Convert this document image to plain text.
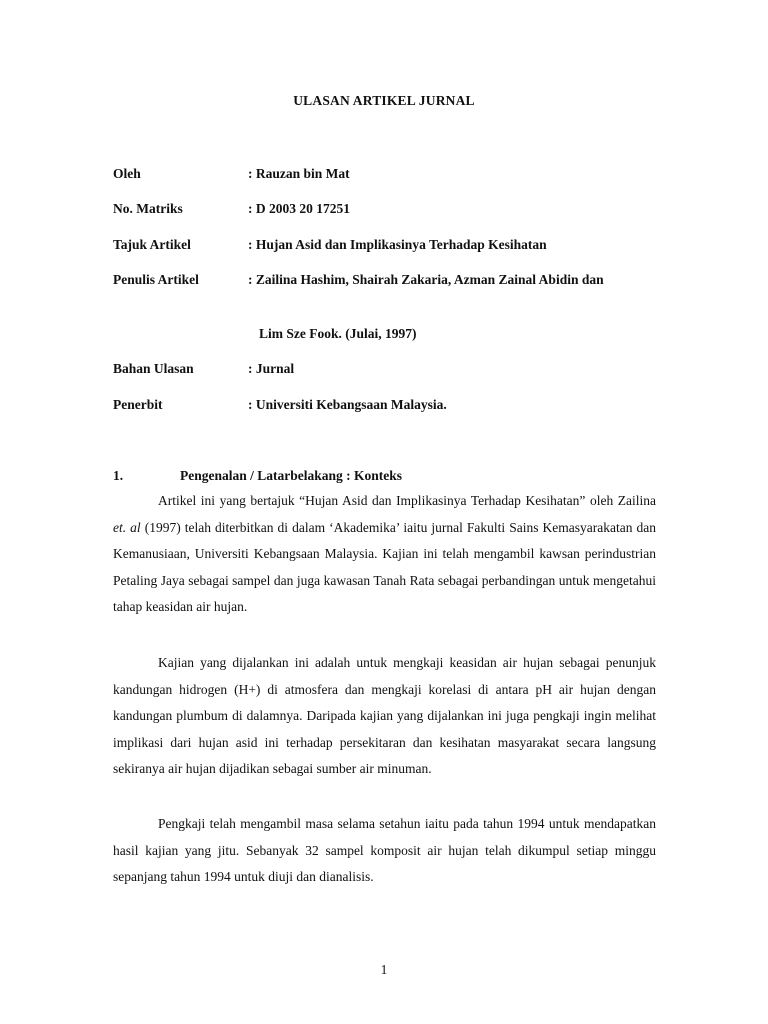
ULASAN ARTIKEL JURNAL
Oleh	: Rauzan bin Mat
No. Matriks	: D 2003 20 17251
Tajuk Artikel	: Hujan Asid dan Implikasinya Terhadap Kesihatan
Penulis Artikel	: Zailina Hashim, Shairah Zakaria, Azman Zainal Abidin dan
Lim Sze Fook. (Julai, 1997)
Bahan Ulasan	: Jurnal
Penerbit	: Universiti Kebangsaan Malaysia.
1.	Pengenalan / Latarbelakang : Konteks

Artikel ini yang bertajuk “Hujan Asid dan Implikasinya Terhadap Kesihatan” oleh Zailina et. al (1997) telah diterbitkan di dalam ‘Akademika’ iaitu jurnal Fakulti Sains Kemasyarakatan dan Kemanusiaan, Universiti Kebangsaan Malaysia. Kajian ini telah mengambil kawsan perindustrian Petaling Jaya sebagai sampel dan juga kawasan Tanah Rata sebagai perbandingan untuk mengetahui tahap keasidan air hujan.

Kajian yang dijalankan ini adalah untuk mengkaji keasidan air hujan sebagai penunjuk kandungan hidrogen (H+) di atmosfera dan mengkaji korelasi di antara pH air hujan dengan kandungan plumbum di dalamnya. Daripada kajian yang dijalankan ini juga pengkaji ingin melihat implikasi dari hujan asid ini terhadap persekitaran dan kesihatan masyarakat secara langsung sekiranya air hujan dijadikan sebagai sumber air minuman.

Pengkaji telah mengambil masa selama setahun iaitu pada tahun 1994 untuk mendapatkan hasil kajian yang jitu. Sebanyak 32 sampel komposit air hujan telah dikumpul setiap minggu sepanjang tahun 1994 untuk diuji dan dianalisis.

1
